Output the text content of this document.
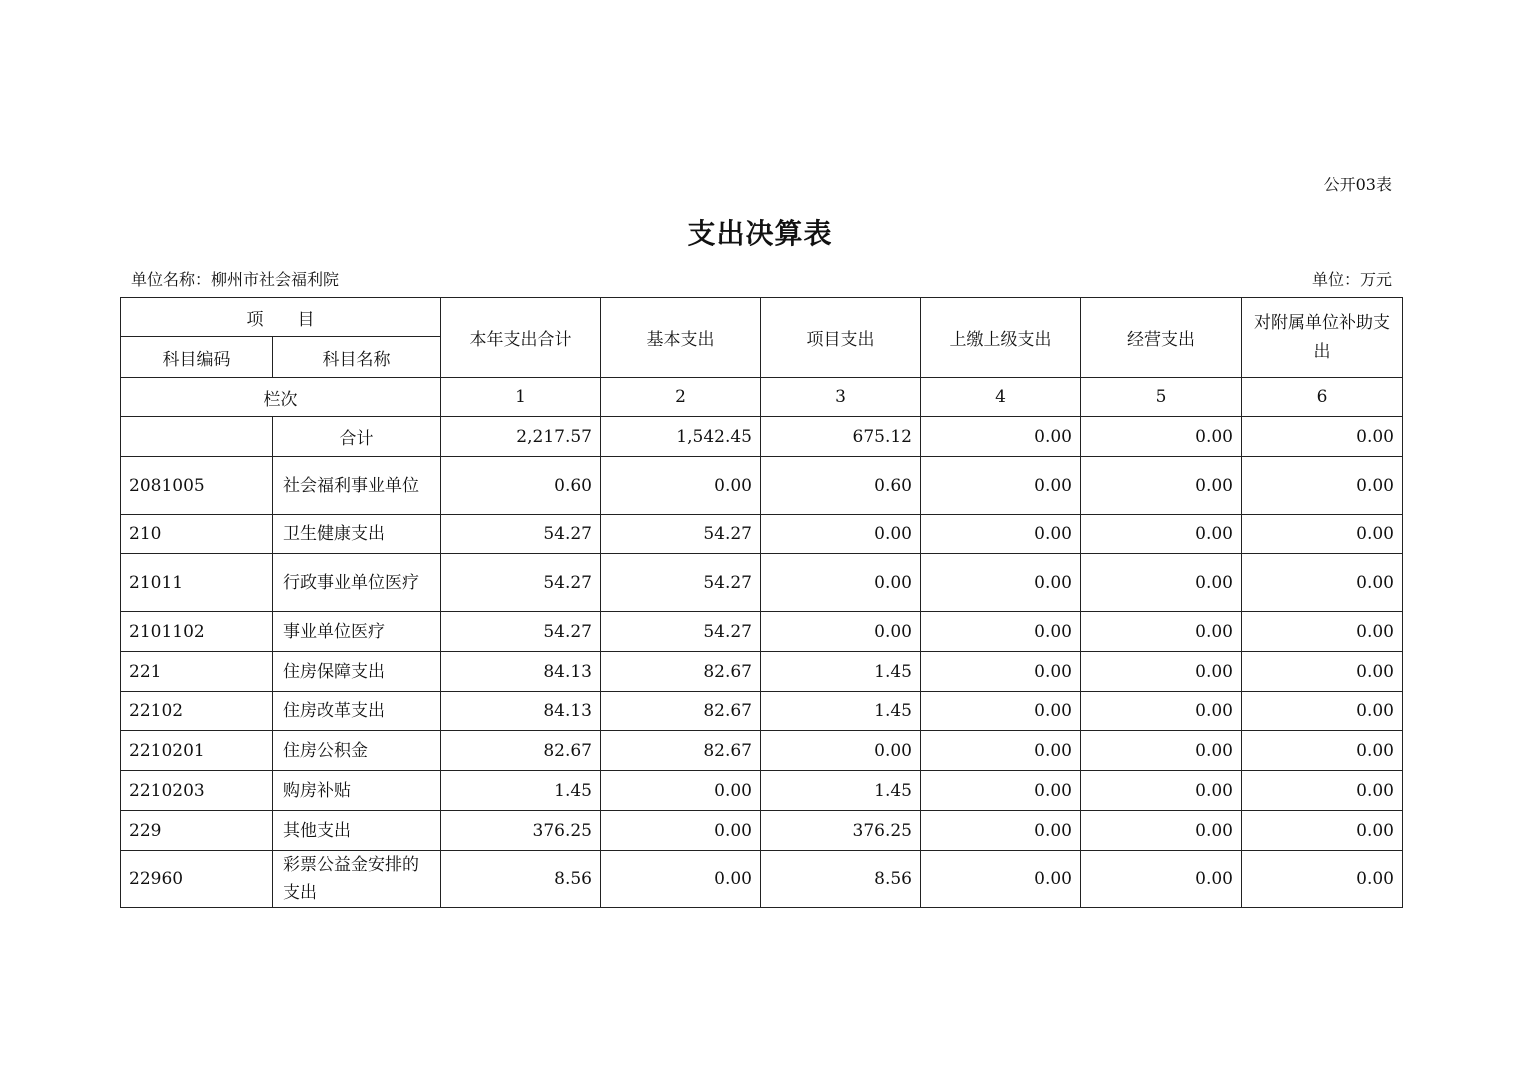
公开03表
支出决算表
单位名称：柳州市社会福利院	单位：万元
项　　目		本年支出合计	基本支出	项目支出	上缴上级支出	经营支出	对附属单位补助支出
科目编码	科目名称						
栏次		1	2	3	4	5	6
	合计	2,217.57	1,542.45	675.12	0.00	0.00	0.00
2081005	社会福利事业单位	0.60	0.00	0.60	0.00	0.00	0.00
210	卫生健康支出	54.27	54.27	0.00	0.00	0.00	0.00
21011	行政事业单位医疗	54.27	54.27	0.00	0.00	0.00	0.00
2101102	事业单位医疗	54.27	54.27	0.00	0.00	0.00	0.00
221	住房保障支出	84.13	82.67	1.45	0.00	0.00	0.00
22102	住房改革支出	84.13	82.67	1.45	0.00	0.00	0.00
2210201	住房公积金	82.67	82.67	0.00	0.00	0.00	0.00
2210203	购房补贴	1.45	0.00	1.45	0.00	0.00	0.00
229	其他支出	376.25	0.00	376.25	0.00	0.00	0.00
22960	彩票公益金安排的支出	8.56	0.00	8.56	0.00	0.00	0.00
